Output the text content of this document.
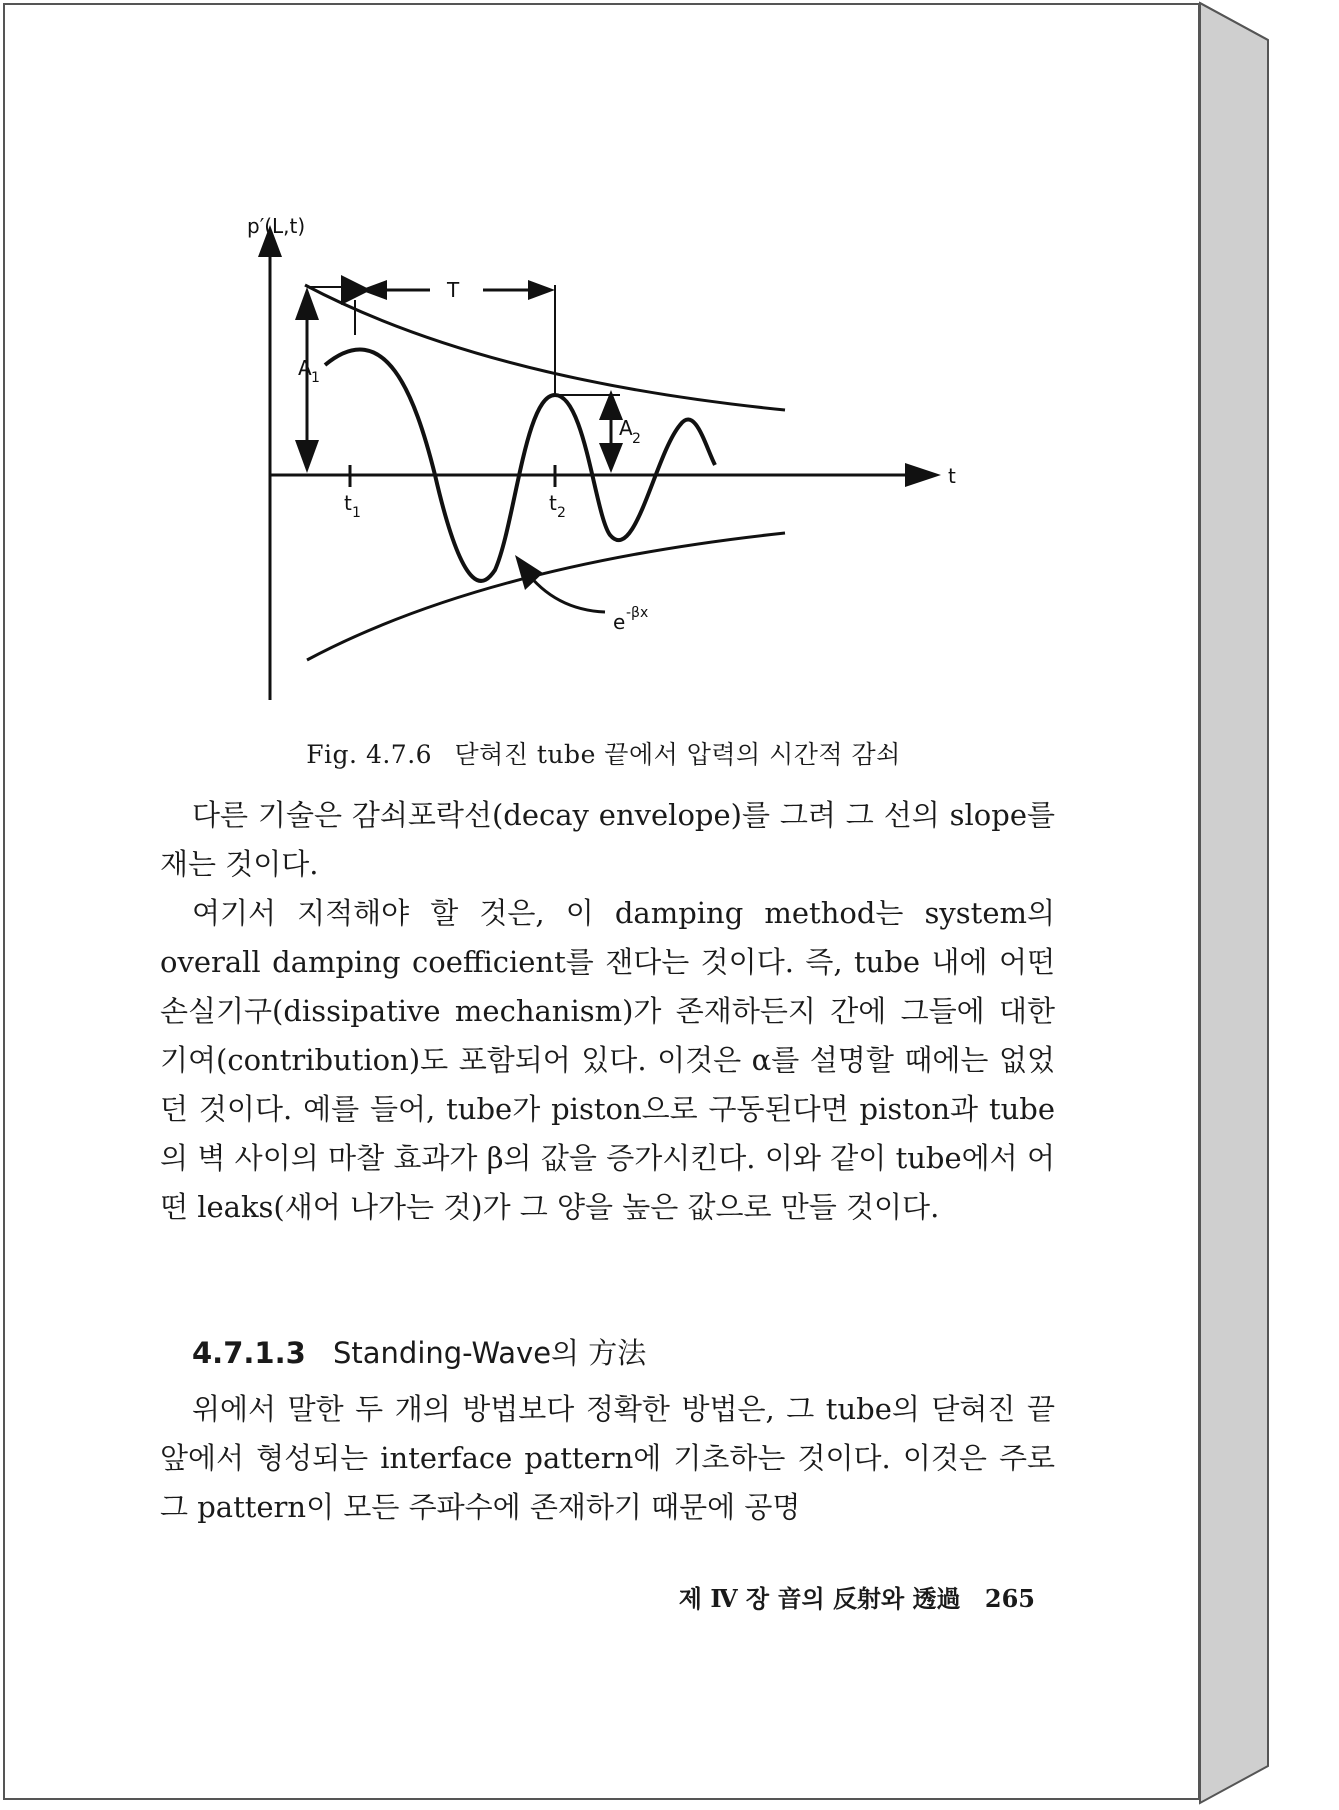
T
A 1
A 2
t 1	t 2
e -βx
p′(L,t)
t
Fig. 4.7.6 닫혀진 tube 끝에서 압력의 시간적 감쇠

다른 기술은 감쇠포락선(decay envelope)를 그려 그 선의 slope를 재는 것이다.

여기서 지적해야 할 것은, 이 damping method는 system의 overall damping coefficient를 잰다는 것이다. 즉, tube 내에 어떤 손실기구(dissipative mechanism)가 존재하든지 간에 그들에 대한 기여(contribution)도 포함되어 있다. 이것은 α를 설명할 때에는 없었던 것이다. 예를 들어, tube가 piston으로 구동된다면 piston과 tube의 벽 사이의 마찰 효과가 β의 값을 증가시킨다. 이와 같이 tube에서 어떤 leaks(새어 나가는 것)가 그 양을 높은 값으로 만들 것이다.

4.7.1.3 Standing-Wave의 方法

위에서 말한 두 개의 방법보다 정확한 방법은, 그 tube의 닫혀진 끝 앞에서 형성되는 interface pattern에 기초하는 것이다. 이것은 주로 그 pattern이 모든 주파수에 존재하기 때문에 공명

제 Ⅳ 장 音의 反射와 透過 265
